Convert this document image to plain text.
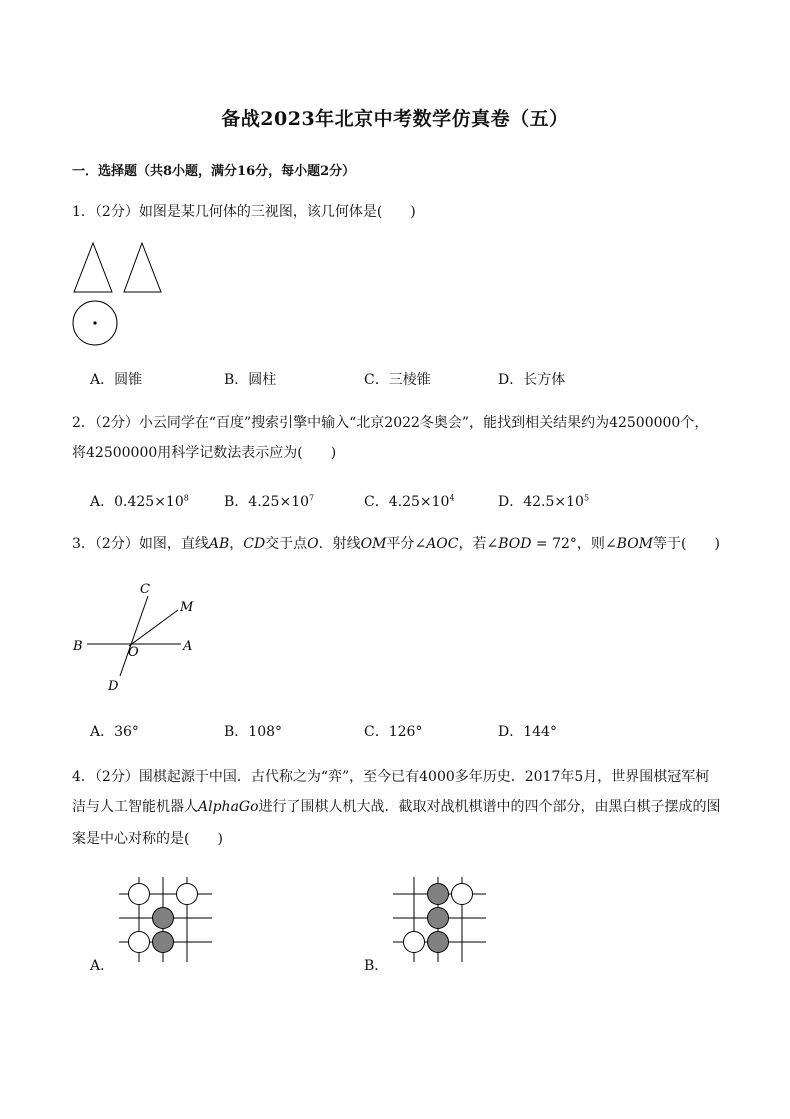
备战2023年北京中考数学仿真卷（五）
一．选择题（共8小题，满分16分，每小题2分）
1．（2分）如图是某几何体的三视图，该几何体是(　　)
A．圆锥	B．圆柱	C．三棱锥	D．长方体
2．（2分）小云同学在“百度”搜索引擎中输入“北京2022冬奥会”，能找到相关结果约为42500000个，
将42500000用科学记数法表示应为(　　)
A．$0.425\times 10^8$	B．$4.25\times 10^7$	C．$4.25\times 10^4$	D．$42.5\times 10^5$
3．（2分）如图，直线AB，CD交于点O．射线OM平分∠AOC，若∠BOD = 72°，则∠BOM等于(　　)
C
M
B	O	A
D
A．36°	B．108°	C．126°	D．144°
4．（2分）围棋起源于中国．古代称之为“弈”，至今已有4000多年历史．2017年5月，世界围棋冠军柯
洁与人工智能机器人AlphaGo进行了围棋人机大战．截取对战机棋谱中的四个部分，由黑白棋子摆成的图
案是中心对称的是(　　)
A．	B．
